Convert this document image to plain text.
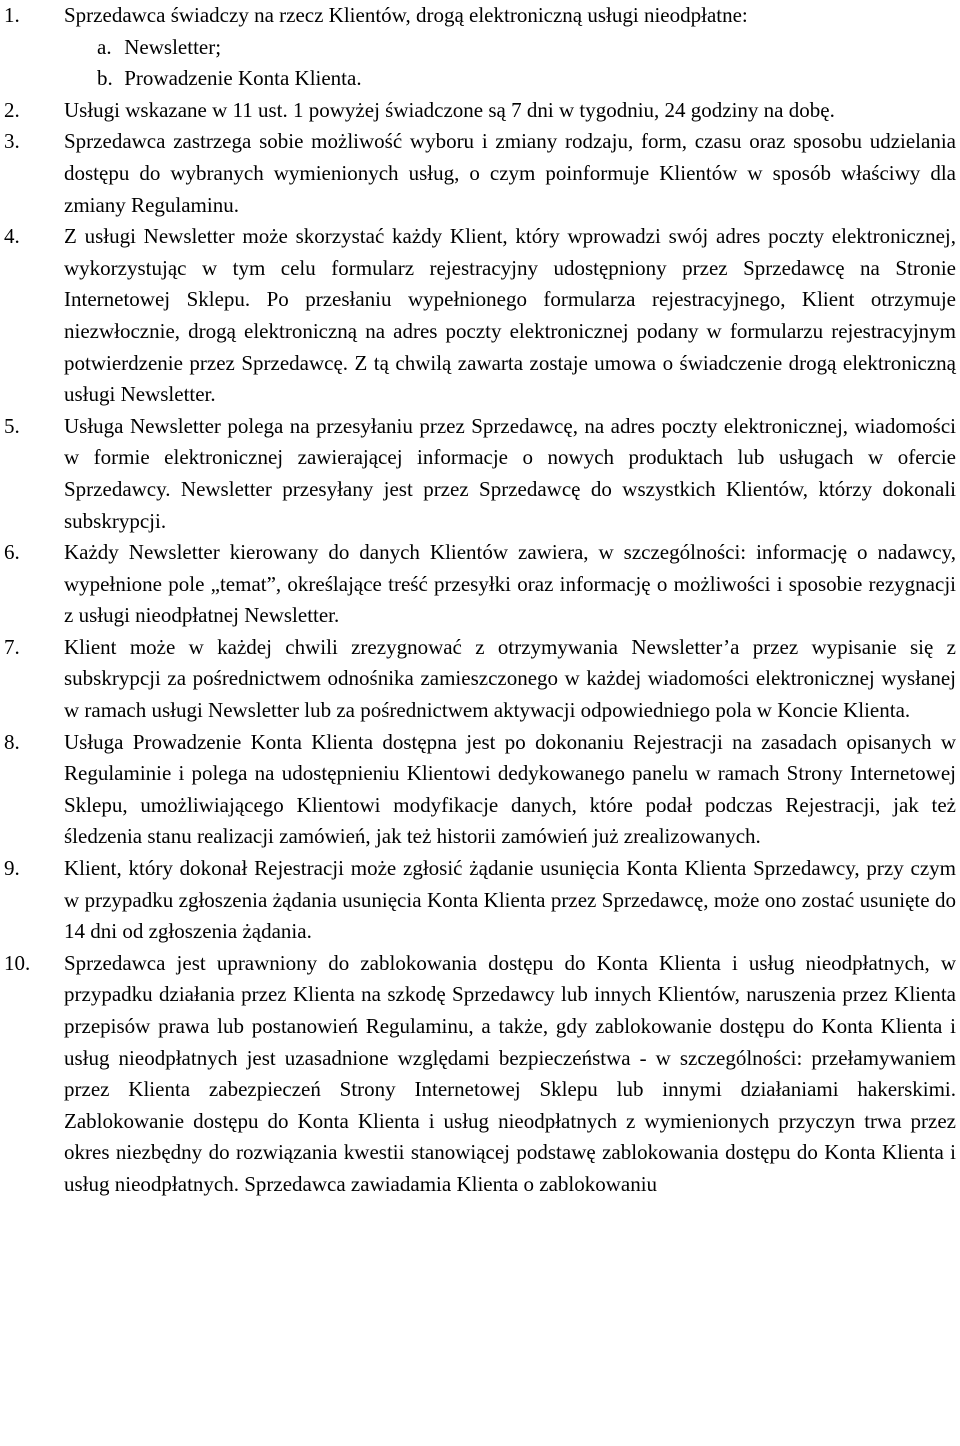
1.	Sprzedawca świadczy na rzecz Klientów, drogą elektroniczną usługi nieodpłatne:
a. Newsletter;
b. Prowadzenie Konta Klienta.
2.	Usługi wskazane w 11 ust. 1 powyżej świadczone są 7 dni w tygodniu, 24 godziny na dobę.
3.	Sprzedawca zastrzega sobie możliwość wyboru i zmiany rodzaju, form, czasu oraz sposobu udzielania dostępu do wybranych wymienionych usług, o czym poinformuje Klientów w sposób właściwy dla zmiany Regulaminu.
4.	Z usługi Newsletter może skorzystać każdy Klient, który wprowadzi swój adres poczty elektronicznej, wykorzystując w tym celu formularz rejestracyjny udostępniony przez Sprzedawcę na Stronie Internetowej Sklepu. Po przesłaniu wypełnionego formularza rejestracyjnego, Klient otrzymuje niezwłocznie, drogą elektroniczną na adres poczty elektronicznej podany w formularzu rejestracyjnym potwierdzenie przez Sprzedawcę. Z tą chwilą zawarta zostaje umowa o świadczenie drogą elektroniczną usługi Newsletter.
5.	Usługa Newsletter polega na przesyłaniu przez Sprzedawcę, na adres poczty elektronicznej, wiadomości w formie elektronicznej zawierającej informacje o nowych produktach lub usługach w ofercie Sprzedawcy. Newsletter przesyłany jest przez Sprzedawcę do wszystkich Klientów, którzy dokonali subskrypcji.
6.	Każdy Newsletter kierowany do danych Klientów zawiera, w szczególności: informację o nadawcy, wypełnione pole „temat”, określające treść przesyłki oraz informację o możliwości i sposobie rezygnacji z usługi nieodpłatnej Newsletter.
7.	Klient może w każdej chwili zrezygnować z otrzymywania Newsletter’a przez wypisanie się z subskrypcji za pośrednictwem odnośnika zamieszczonego w każdej wiadomości elektronicznej wysłanej w ramach usługi Newsletter lub za pośrednictwem aktywacji odpowiedniego pola w Koncie Klienta.
8.	Usługa Prowadzenie Konta Klienta dostępna jest po dokonaniu Rejestracji na zasadach opisanych w Regulaminie i polega na udostępnieniu Klientowi dedykowanego panelu w ramach Strony Internetowej Sklepu, umożliwiającego Klientowi modyfikacje danych, które podał podczas Rejestracji, jak też śledzenia stanu realizacji zamówień, jak też historii zamówień już zrealizowanych.
9.	Klient, który dokonał Rejestracji może zgłosić żądanie usunięcia Konta Klienta Sprzedawcy, przy czym w przypadku zgłoszenia żądania usunięcia Konta Klienta przez Sprzedawcę, może ono zostać usunięte do 14 dni od zgłoszenia żądania.
10.	Sprzedawca jest uprawniony do zablokowania dostępu do Konta Klienta i usług nieodpłatnych, w przypadku działania przez Klienta na szkodę Sprzedawcy lub innych Klientów, naruszenia przez Klienta przepisów prawa lub postanowień Regulaminu, a także, gdy zablokowanie dostępu do Konta Klienta i usług nieodpłatnych jest uzasadnione względami bezpieczeństwa - w szczególności: przełamywaniem przez Klienta zabezpieczeń Strony Internetowej Sklepu lub innymi działaniami hakerskimi. Zablokowanie dostępu do Konta Klienta i usług nieodpłatnych z wymienionych przyczyn trwa przez okres niezbędny do rozwiązania kwestii stanowiącej podstawę zablokowania dostępu do Konta Klienta i usług nieodpłatnych. Sprzedawca zawiadamia Klienta o zablokowaniu
